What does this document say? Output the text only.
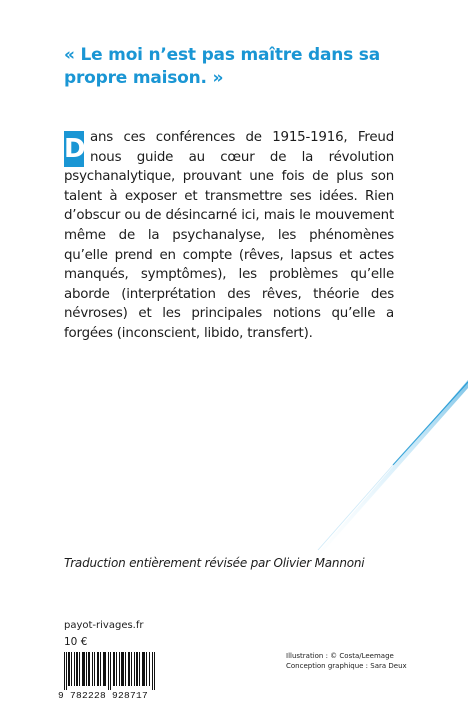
« Le moi n’est pas maître dans sa propre maison. »
D ans ces conférences de 1915-1916, Freud nous guide au cœur de la révolution psychanalytique, prouvant une fois de plus son talent à exposer et transmettre ses idées. Rien d’obscur ou de désincarné ici, mais le mouvement même de la psychanalyse, les phénomènes qu’elle prend en compte (rêves, lapsus et actes manqués, symptômes), les problèmes qu’elle aborde (interprétation des rêves, théorie des névroses) et les principales notions qu’elle a forgées (inconscient, libido, transfert).
Traduction entièrement révisée par Olivier Mannoni
payot-rivages.fr
10 €
9 782228 928717
Illustration : © Costa/Leemage
Conception graphique : Sara Deux
